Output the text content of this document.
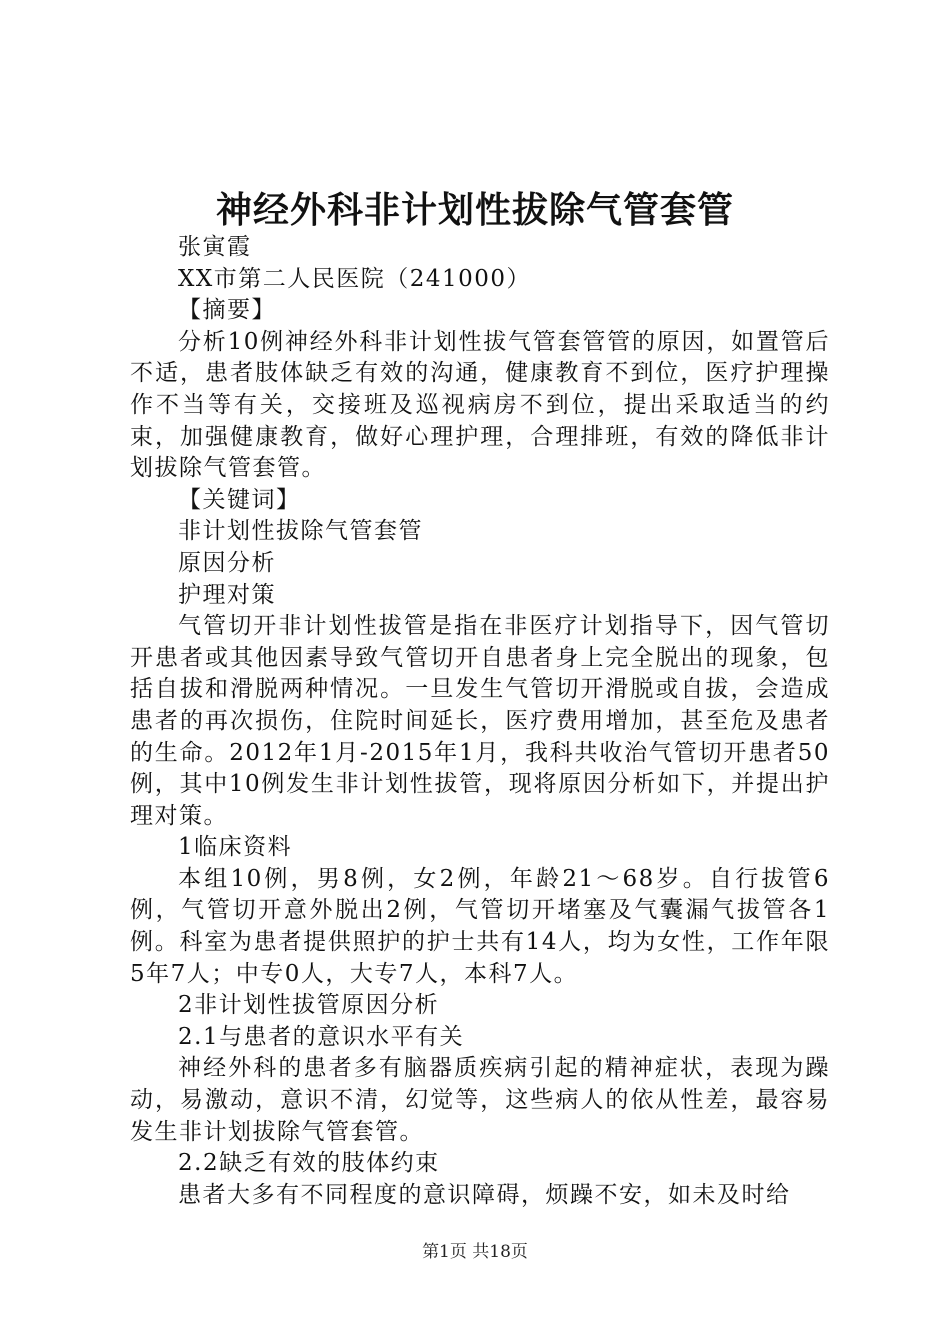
神经外科非计划性拔除气管套管

张寅霞

XX市第二人民医院（241000）

【摘要】

分析10例神经外科非计划性拔气管套管管的原因，如置管后不适，患者肢体缺乏有效的沟通，健康教育不到位，医疗护理操作不当等有关，交接班及巡视病房不到位，提出采取适当的约束，加强健康教育，做好心理护理，合理排班，有效的降低非计划拔除气管套管。

【关键词】

非计划性拔除气管套管

原因分析

护理对策

气管切开非计划性拔管是指在非医疗计划指导下，因气管切开患者或其他因素导致气管切开自患者身上完全脱出的现象，包括自拔和滑脱两种情况。一旦发生气管切开滑脱或自拔，会造成患者的再次损伤，住院时间延长，医疗费用增加，甚至危及患者的生命。2012年1月-2015年1月，我科共收治气管切开患者50例，其中10例发生非计划性拔管，现将原因分析如下，并提出护理对策。

1临床资料

本组10例，男8例，女2例，年龄21～68岁。自行拔管6例，气管切开意外脱出2例，气管切开堵塞及气囊漏气拔管各1例。科室为患者提供照护的护士共有14人，均为女性，工作年限5年7人；中专0人，大专7人，本科7人。

2非计划性拔管原因分析

2.1与患者的意识水平有关

神经外科的患者多有脑器质疾病引起的精神症状，表现为躁动，易激动，意识不清，幻觉等，这些病人的依从性差，最容易发生非计划拔除气管套管。

2.2缺乏有效的肢体约束

患者大多有不同程度的意识障碍，烦躁不安，如未及时给

第1页 共18页
